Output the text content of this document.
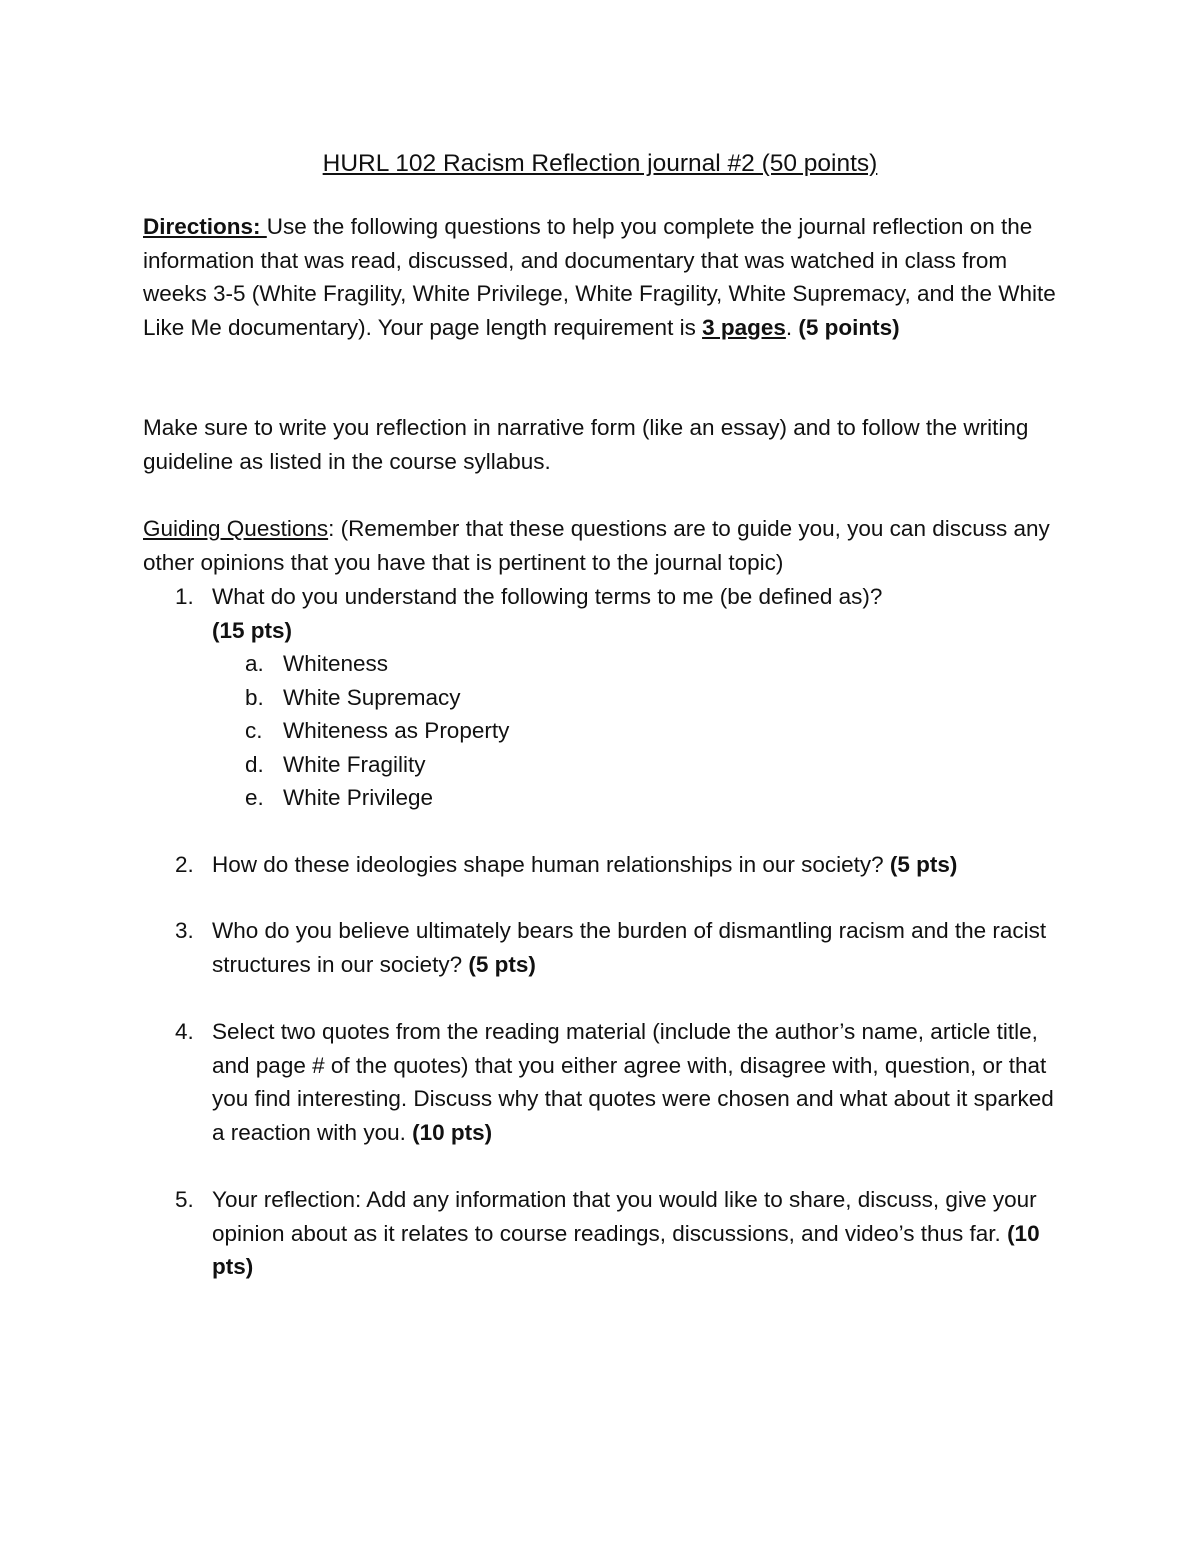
HURL 102 Racism Reflection journal #2 (50 points)
Directions: Use the following questions to help you complete the journal reflection on the information that was read, discussed, and documentary that was watched in class from weeks 3-5 (White Fragility, White Privilege, White Fragility, White Supremacy, and the White Like Me documentary). Your page length requirement is 3 pages. (5 points)
Make sure to write you reflection in narrative form (like an essay) and to follow the writing guideline as listed in the course syllabus.
Guiding Questions: (Remember that these questions are to guide you, you can discuss any other opinions that you have that is pertinent to the journal topic)
1. What do you understand the following terms to me (be defined as)?
(15 pts)
a. Whiteness
b. White Supremacy
c. Whiteness as Property
d. White Fragility
e. White Privilege
2. How do these ideologies shape human relationships in our society? (5 pts)
3. Who do you believe ultimately bears the burden of dismantling racism and the racist structures in our society? (5 pts)
4. Select two quotes from the reading material (include the author’s name, article title, and page # of the quotes) that you either agree with, disagree with, question, or that you find interesting. Discuss why that quotes were chosen and what about it sparked a reaction with you. (10 pts)
5. Your reflection: Add any information that you would like to share, discuss, give your opinion about as it relates to course readings, discussions, and video’s thus far. (10 pts)
